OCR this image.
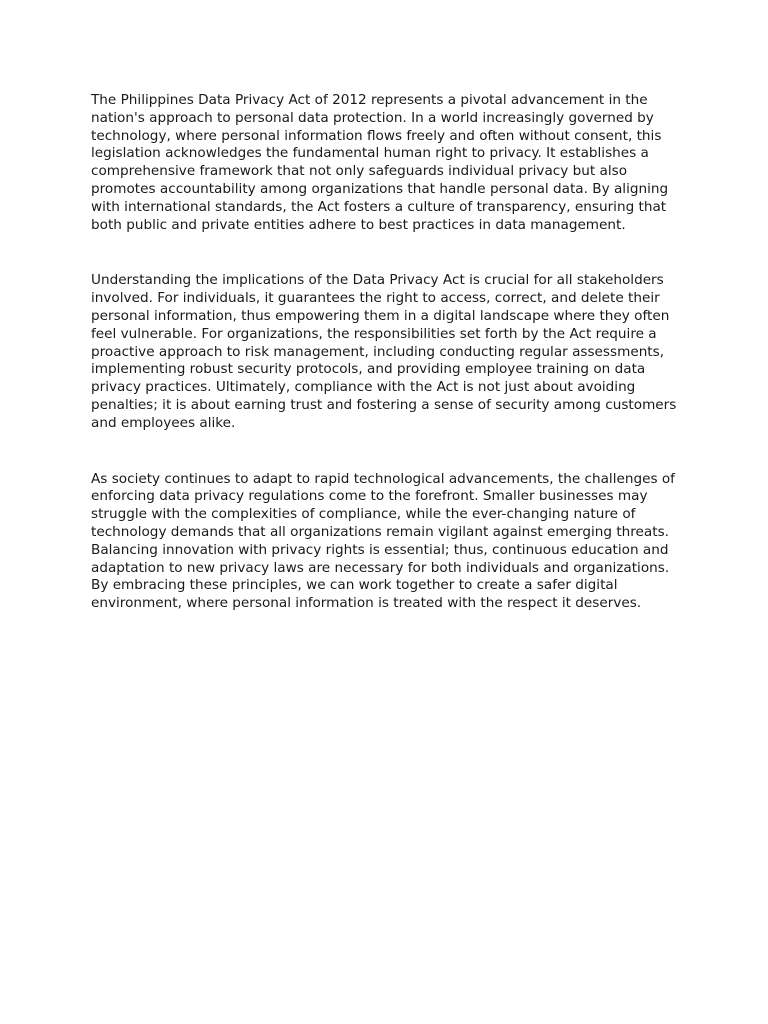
The Philippines Data Privacy Act of 2012 represents a pivotal advancement in the nation's approach to personal data protection. In a world increasingly governed by technology, where personal information flows freely and often without consent, this legislation acknowledges the fundamental human right to privacy. It establishes a comprehensive framework that not only safeguards individual privacy but also promotes accountability among organizations that handle personal data. By aligning with international standards, the Act fosters a culture of transparency, ensuring that both public and private entities adhere to best practices in data management.

Understanding the implications of the Data Privacy Act is crucial for all stakeholders involved. For individuals, it guarantees the right to access, correct, and delete their personal information, thus empowering them in a digital landscape where they often feel vulnerable. For organizations, the responsibilities set forth by the Act require a proactive approach to risk management, including conducting regular assessments, implementing robust security protocols, and providing employee training on data privacy practices. Ultimately, compliance with the Act is not just about avoiding penalties; it is about earning trust and fostering a sense of security among customers and employees alike.

As society continues to adapt to rapid technological advancements, the challenges of enforcing data privacy regulations come to the forefront. Smaller businesses may struggle with the complexities of compliance, while the ever-changing nature of technology demands that all organizations remain vigilant against emerging threats. Balancing innovation with privacy rights is essential; thus, continuous education and adaptation to new privacy laws are necessary for both individuals and organizations. By embracing these principles, we can work together to create a safer digital environment, where personal information is treated with the respect it deserves.
